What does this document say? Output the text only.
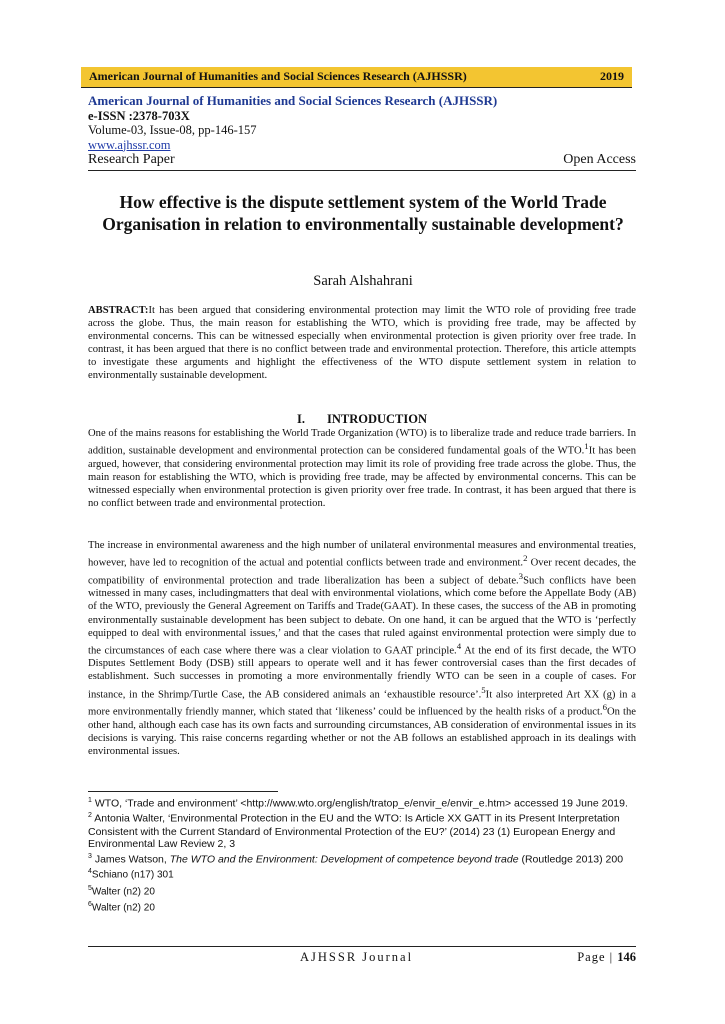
American Journal of Humanities and Social Sciences Research (AJHSSR)	2019
American Journal of Humanities and Social Sciences Research (AJHSSR)
e-ISSN :2378-703X
Volume-03, Issue-08, pp-146-157
www.ajhssr.com
Research Paper	Open Access
How effective is the dispute settlement system of the World Trade Organisation in relation to environmentally sustainable development?
Sarah Alshahrani
ABSTRACT:It has been argued that considering environmental protection may limit the WTO role of providing free trade across the globe. Thus, the main reason for establishing the WTO, which is providing free trade, may be affected by environmental concerns. This can be witnessed especially when environmental protection is given priority over free trade. In contrast, it has been argued that there is no conflict between trade and environmental protection. Therefore, this article attempts to investigate these arguments and highlight the effectiveness of the WTO dispute settlement system in relation to environmentally sustainable development.
I. INTRODUCTION
One of the mains reasons for establishing the World Trade Organization (WTO) is to liberalize trade and reduce trade barriers. In addition, sustainable development and environmental protection can be considered fundamental goals of the WTO.$^1$It has been argued, however, that considering environmental protection may limit its role of providing free trade across the globe. Thus, the main reason for establishing the WTO, which is providing free trade, may be affected by environmental concerns. This can be witnessed especially when environmental protection is given priority over free trade. In contrast, it has been argued that there is no conflict between trade and environmental protection.
The increase in environmental awareness and the high number of unilateral environmental measures and environmental treaties, however, have led to recognition of the actual and potential conflicts between trade and environment.$^2$ Over recent decades, the compatibility of environmental protection and trade liberalization has been a subject of debate.$^3$Such conflicts have been witnessed in many cases, includingmatters that deal with environmental violations, which come before the Appellate Body (AB) of the WTO, previously the General Agreement on Tariffs and Trade(GAAT). In these cases, the success of the AB in promoting environmentally sustainable development has been subject to debate. On one hand, it can be argued that the WTO is ‘perfectly equipped to deal with environmental issues,’ and that the cases that ruled against environmental protection were simply due to the circumstances of each case where there was a clear violation to GAAT principle.$^4$ At the end of its first decade, the WTO Disputes Settlement Body (DSB) still appears to operate well and it has fewer controversial cases than the first decades of establishment. Such successes in promoting a more environmentally friendly WTO can be seen in a couple of cases. For instance, in the Shrimp/Turtle Case, the AB considered animals an ‘exhaustible resource’.$^5$It also interpreted Art XX (g) in a more environmentally friendly manner, which stated that ‘likeness’ could be influenced by the health risks of a product.$^6$On the other hand, although each case has its own facts and surrounding circumstances, AB consideration of environmental issues in its decisions is varying. This raise concerns regarding whether or not the AB follows an established approach in its dealings with environmental issues.

$^1$ WTO, ‘Trade and environment’ <http://www.wto.org/english/tratop_e/envir_e/envir_e.htm> accessed 19 June 2019.

$^2$ Antonia Walter, ‘Environmental Protection in the EU and the WTO: Is Article XX GATT in its Present Interpretation Consistent with the Current Standard of Environmental Protection of the EU?’ (2014) 23 (1) European Energy and Environmental Law Review 2, 3

$^3$ James Watson, The WTO and the Environment: Development of competence beyond trade (Routledge 2013) 200

$^4$Schiano (n17) 301

$^5$Walter (n2) 20

$^6$Walter (n2) 20

AJHSSR Journal	Page | 146
